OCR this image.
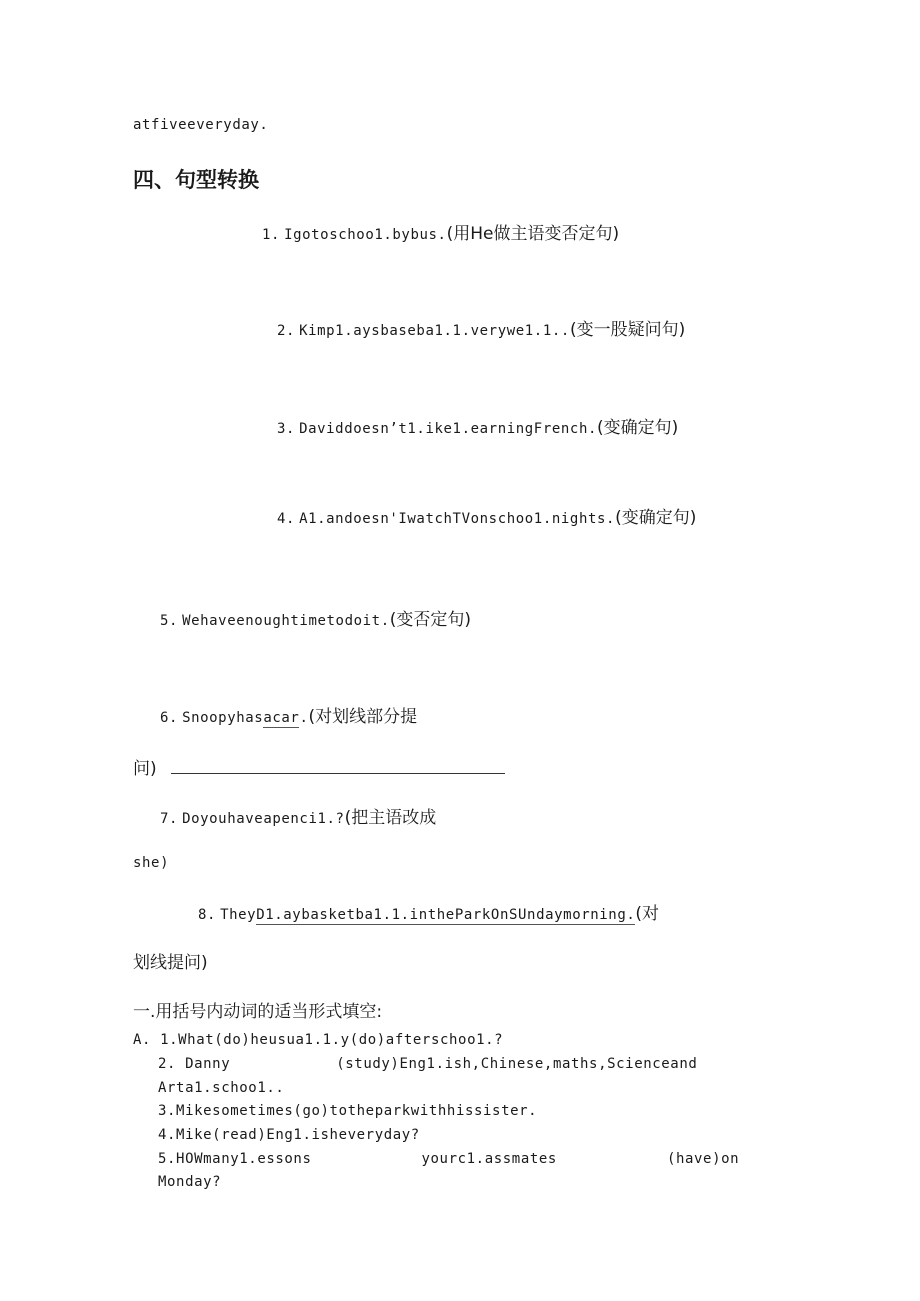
atfiveeveryday.
四、句型转换
1. Igotoschoo1.bybus.(用He做主语变否定句)
2. Kimp1.aysbaseba1.1.verywe1.1..(变一股疑问句)
3. Daviddoesn’t1.ike1.earningFrench.(变确定句)
4. A1.andoesn'IwatchTVonschoo1.nights.(变确定句)
5. Wehaveenoughtimetodoit.(变否定句)
6. Snoopyhasacar.(对划线部分提
问)
7. Doyouhaveapenci1.?(把主语改成
she)
8. TheyD1.aybasketba1.1.intheParkOnSUndaymorning.(对
划线提问)
一.用括号内动词的适当形式填空:
A. 1.What(do)heusua1.1.y(do)afterschoo1.?
2. Danny	(study)Eng1.ish,Chinese,maths,Scienceand
Arta1.schoo1..
3.Mikesometimes(go)totheparkwithhissister.
4.Mike(read)Eng1.isheveryday?
5.HOWmany1.essons	yourc1.assmates	(have)on
Monday?
